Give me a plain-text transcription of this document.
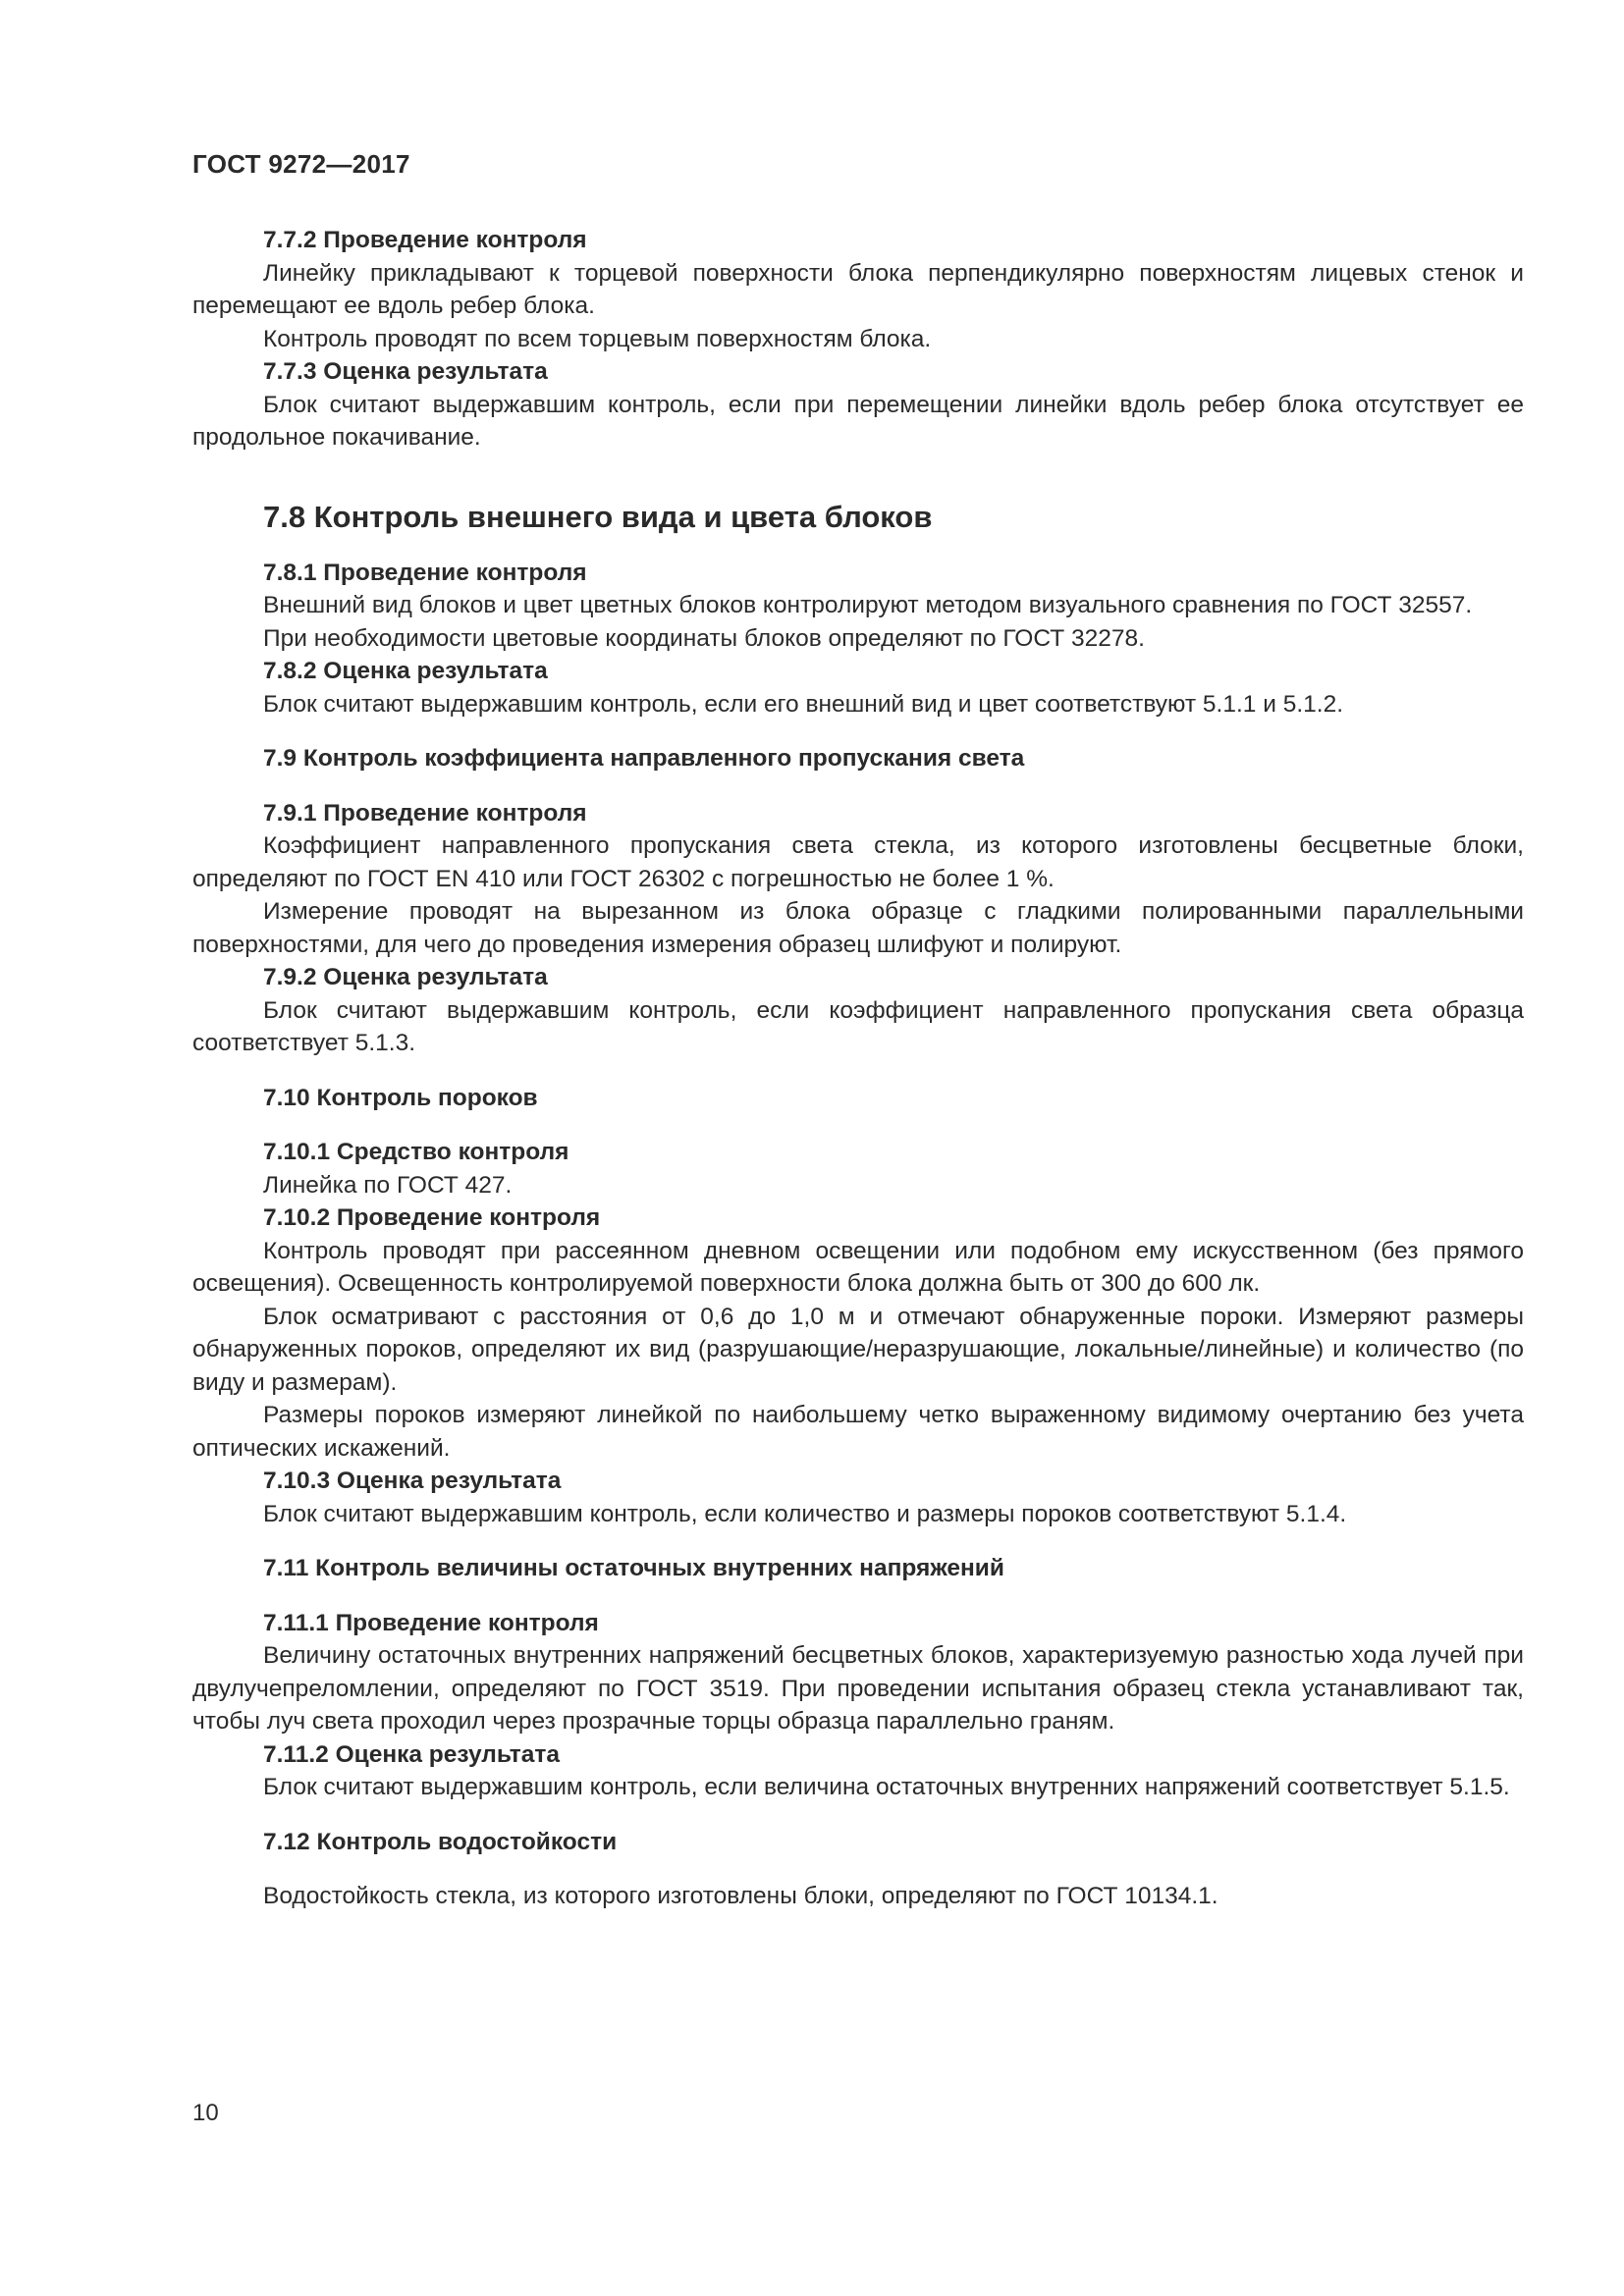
ГОСТ 9272—2017
7.7.2 Проведение контроля

Линейку прикладывают к торцевой поверхности блока перпендикулярно поверхностям лицевых стенок и перемещают ее вдоль ребер блока.

Контроль проводят по всем торцевым поверхностям блока.

7.7.3 Оценка результата

Блок считают выдержавшим контроль, если при перемещении линейки вдоль ребер блока отсутствует ее продольное покачивание.

7.8 Контроль внешнего вида и цвета блоков
7.8.1 Проведение контроля

Внешний вид блоков и цвет цветных блоков контролируют методом визуального сравнения по ГОСТ 32557.

При необходимости цветовые координаты блоков определяют по ГОСТ 32278.

7.8.2 Оценка результата

Блок считают выдержавшим контроль, если его внешний вид и цвет соответствуют 5.1.1 и 5.1.2.

7.9 Контроль коэффициента направленного пропускания света
7.9.1 Проведение контроля

Коэффициент направленного пропускания света стекла, из которого изготовлены бесцветные блоки, определяют по ГОСТ EN 410 или ГОСТ 26302 с погрешностью не более 1 %.

Измерение проводят на вырезанном из блока образце с гладкими полированными параллельными поверхностями, для чего до проведения измерения образец шлифуют и полируют.

7.9.2 Оценка результата

Блок считают выдержавшим контроль, если коэффициент направленного пропускания света образца соответствует 5.1.3.

7.10 Контроль пороков
7.10.1 Средство контроля

Линейка по ГОСТ 427.

7.10.2 Проведение контроля

Контроль проводят при рассеянном дневном освещении или подобном ему искусственном (без прямого освещения). Освещенность контролируемой поверхности блока должна быть от 300 до 600 лк.

Блок осматривают с расстояния от 0,6 до 1,0 м и отмечают обнаруженные пороки. Измеряют размеры обнаруженных пороков, определяют их вид (разрушающие/неразрушающие, локальные/линейные) и количество (по виду и размерам).

Размеры пороков измеряют линейкой по наибольшему четко выраженному видимому очертанию без учета оптических искажений.

7.10.3 Оценка результата

Блок считают выдержавшим контроль, если количество и размеры пороков соответствуют 5.1.4.

7.11 Контроль величины остаточных внутренних напряжений
7.11.1 Проведение контроля

Величину остаточных внутренних напряжений бесцветных блоков, характеризуемую разностью хода лучей при двулучепреломлении, определяют по ГОСТ 3519. При проведении испытания образец стекла устанавливают так, чтобы луч света проходил через прозрачные торцы образца параллельно граням.

7.11.2 Оценка результата

Блок считают выдержавшим контроль, если величина остаточных внутренних напряжений соответствует 5.1.5.

7.12 Контроль водостойкости

Водостойкость стекла, из которого изготовлены блоки, определяют по ГОСТ 10134.1.

10
